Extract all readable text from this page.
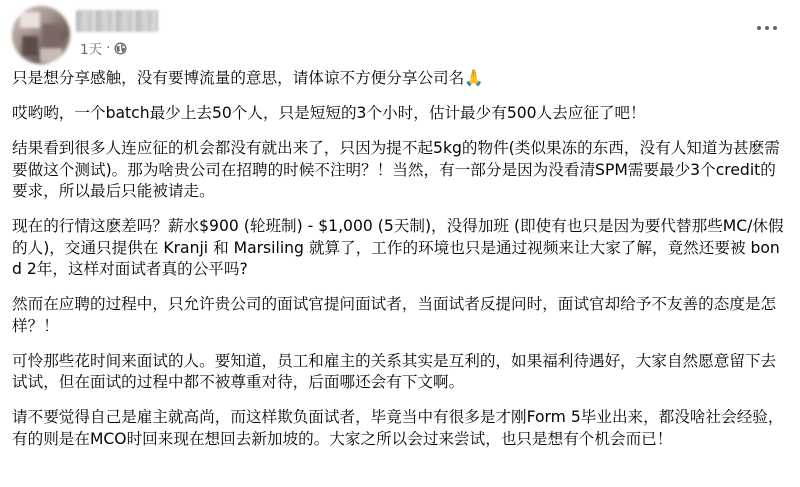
1天 ·

只是想分享感触，没有要博流量的意思，请体谅不方便分享公司名🙏

哎哟哟，一个batch最少上去50个人，只是短短的3个小时，估计最少有500人去应征了吧！

结果看到很多人连应征的机会都没有就出来了，只因为提不起5kg的物件(类似果冻的东西，没有人知道为甚麽需要做这个测试)。那为啥贵公司在招聘的时候不注明？！当然，有一部分是因为没看清SPM需要最少3个credit的要求，所以最后只能被请走。

现在的行情这麽差吗？薪水$900 (轮班制) - $1,000 (5天制)，没得加班 (即使有也只是因为要代替那些MC/休假的人)，交通只提供在 Kranji 和 Marsiling 就算了，工作的环境也只是通过视频来让大家了解，竟然还要被 bond 2年，这样对面试者真的公平吗?

然而在应聘的过程中，只允许贵公司的面试官提问面试者，当面试者反提问时，面试官却给予不友善的态度是怎样？！

可怜那些花时间来面试的人。要知道，员工和雇主的关系其实是互利的，如果福利待遇好，大家自然愿意留下去试试，但在面试的过程中都不被尊重对待，后面哪还会有下文啊。

请不要觉得自己是雇主就高尚，而这样欺负面试者，毕竟当中有很多是才刚Form 5毕业出来，都没啥社会经验，有的则是在MCO时回来现在想回去新加坡的。大家之所以会过来尝试，也只是想有个机会而已！
